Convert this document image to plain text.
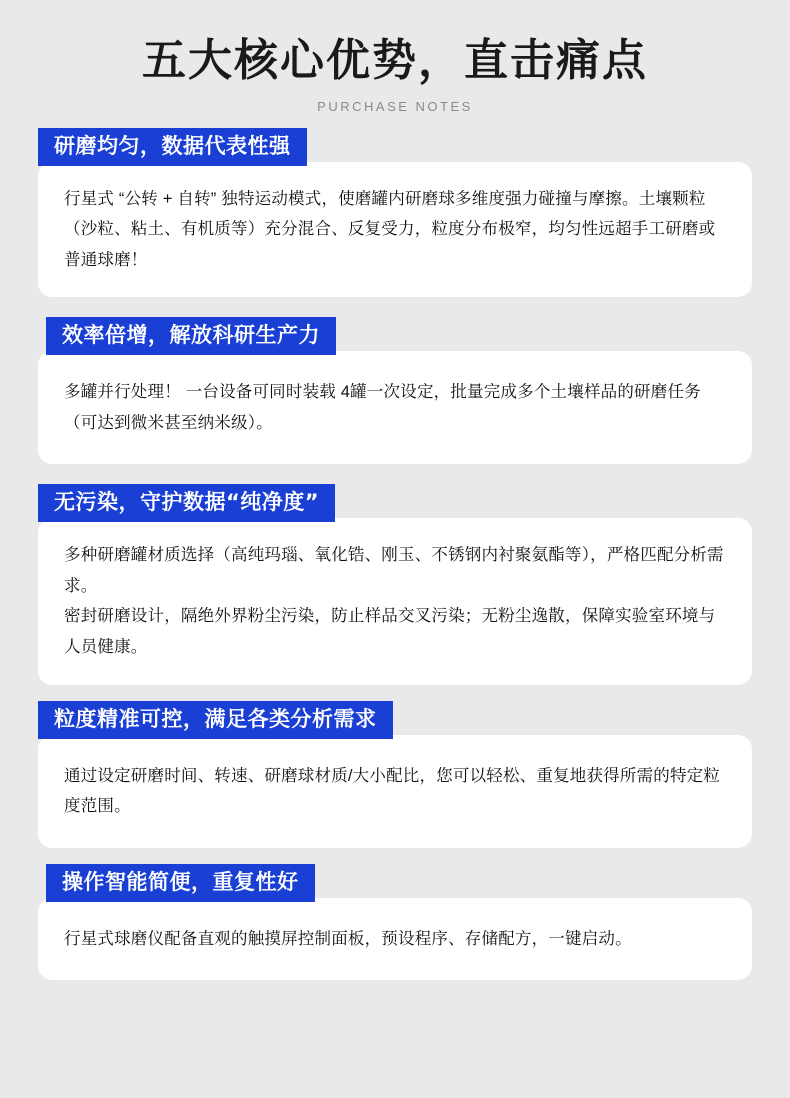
五大核心优势，直击痛点
PURCHASE NOTES
研磨均匀，数据代表性强

行星式 “公转 + 自转” 独特运动模式，使磨罐内研磨球多维度强力碰撞与摩擦。土壤颗粒（沙粒、粘土、有机质等）充分混合、反复受力，粒度分布极窄，均匀性远超手工研磨或普通球磨！

效率倍增，解放科研生产力

多罐并行处理！ 一台设备可同时装载 4罐一次设定，批量完成多个土壤样品的研磨任务（可达到微米甚至纳米级）。

无污染，守护数据“纯净度”

多种研磨罐材质选择（高纯玛瑙、氧化锆、刚玉、不锈钢内衬聚氨酯等），严格匹配分析需求。

密封研磨设计，隔绝外界粉尘污染，防止样品交叉污染；无粉尘逸散，保障实验室环境与人员健康。

粒度精准可控，满足各类分析需求

通过设定研磨时间、转速、研磨球材质/大小配比，您可以轻松、重复地获得所需的特定粒度范围。

操作智能简便，重复性好

行星式球磨仪配备直观的触摸屏控制面板，预设程序、存储配方，一键启动。
